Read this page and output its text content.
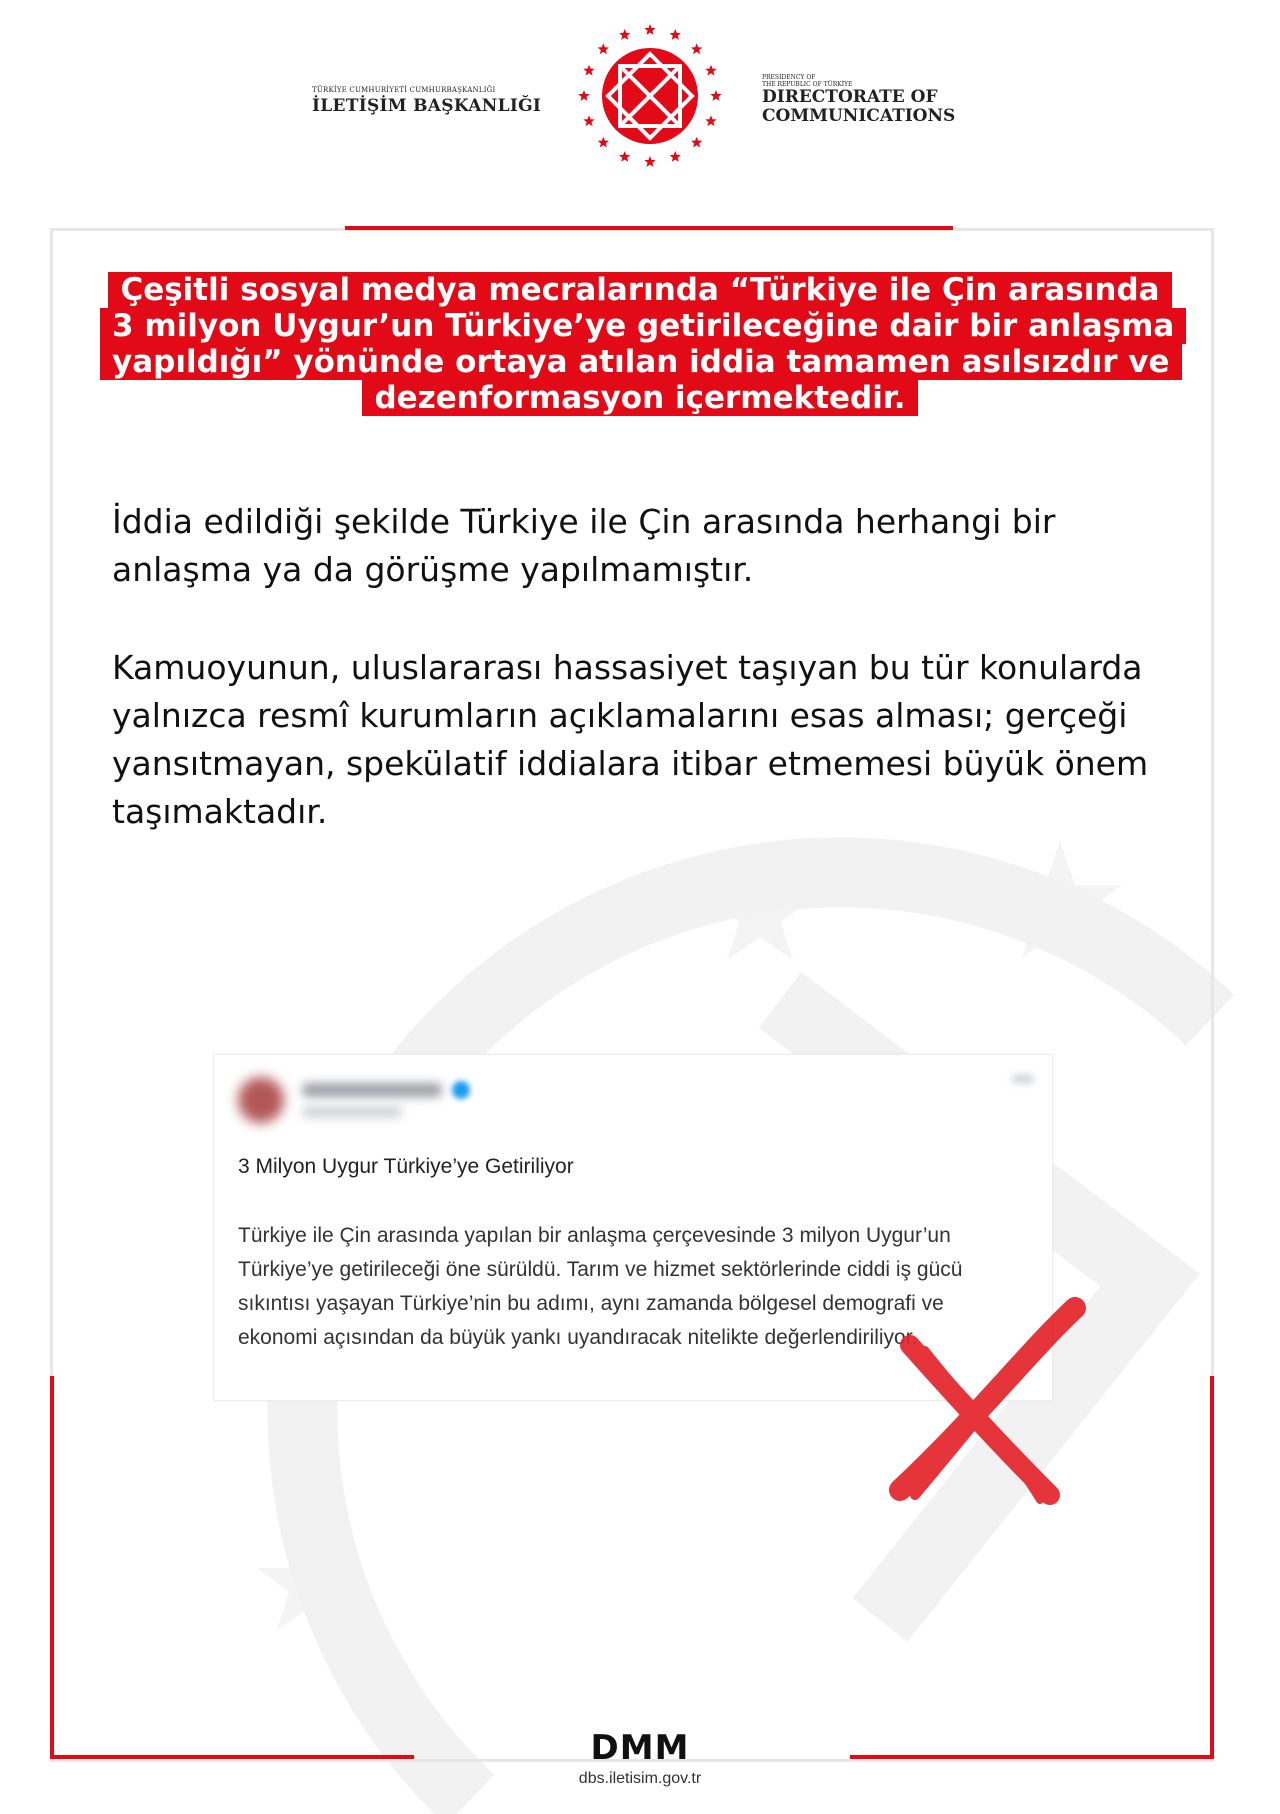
TÜRKİYE CUMHURİYETİ CUMHURBAŞKANLIĞI
İLETİŞİM BAŞKANLIĞI
PRESIDENCY OF
THE REPUBLIC OF TÜRKİYE
DIRECTORATE OF
COMMUNICATIONS
Çeşitli sosyal medya mecralarında “Türkiye ile Çin arasında 3 milyon Uygur’un Türkiye’ye getirileceğine dair bir anlaşma yapıldığı” yönünde ortaya atılan iddia tamamen asılsızdır ve dezenformasyon içermektedir.
İddia edildiği şekilde Türkiye ile Çin arasında herhangi bir anlaşma ya da görüşme yapılmamıştır.
Kamuoyunun, uluslararası hassasiyet taşıyan bu tür konularda yalnızca resmî kurumların açıklamalarını esas alması; gerçeği yansıtmayan, spekülatif iddialara itibar etmemesi büyük önem taşımaktadır.
3 Milyon Uygur Türkiye’ye Getiriliyor
Türkiye ile Çin arasında yapılan bir anlaşma çerçevesinde 3 milyon Uygur’un Türkiye’ye getirileceği öne sürüldü. Tarım ve hizmet sektörlerinde ciddi iş gücü sıkıntısı yaşayan Türkiye’nin bu adımı, aynı zamanda bölgesel demografi ve ekonomi açısından da büyük yankı uyandıracak nitelikte değerlendiriliyor.
DMM
dbs.iletisim.gov.tr
